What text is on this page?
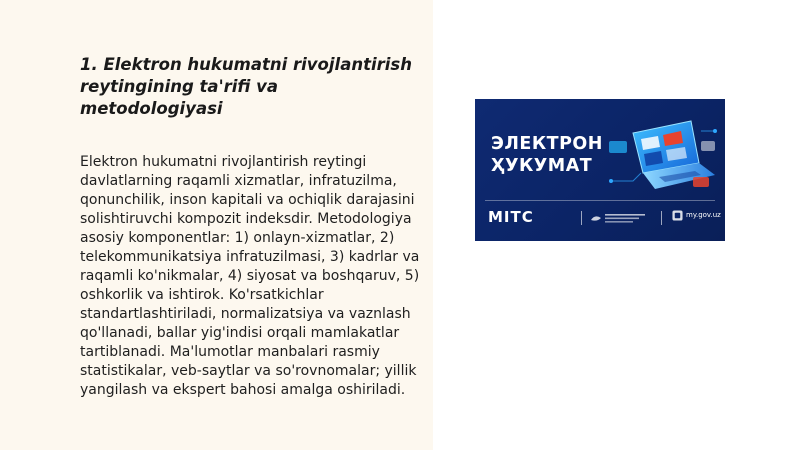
1. Elektron hukumatni rivojlantirish reytingining ta'rifi va metodologiyasi

Elektron hukumatni rivojlantirish reytingi davlatlarning raqamli xizmatlar, infratuzilma, qonunchilik, inson kapitali va ochiqlik darajasini solishtiruvchi kompozit indeksdir. Metodologiya asosiy komponentlar: 1) onlayn-xizmatlar, 2) telekommunikatsiya infratuzilmasi, 3) kadrlar va raqamli ko'nikmalar, 4) siyosat va boshqaruv, 5) oshkorlik va ishtirok. Ko'rsatkichlar standartlashtiriladi, normalizatsiya va vaznlash qo'llanadi, ballar yig'indisi orqali mamlakatlar tartiblanadi. Ma'lumotlar manbalari rasmiy statistikalar, veb-saytlar va so'rovnomalar; yillik yangilash va ekspert bahosi amalga oshiriladi.

ЭЛЕКТРОН
ҲУКУМАТ
MITC	my.gov.uz
